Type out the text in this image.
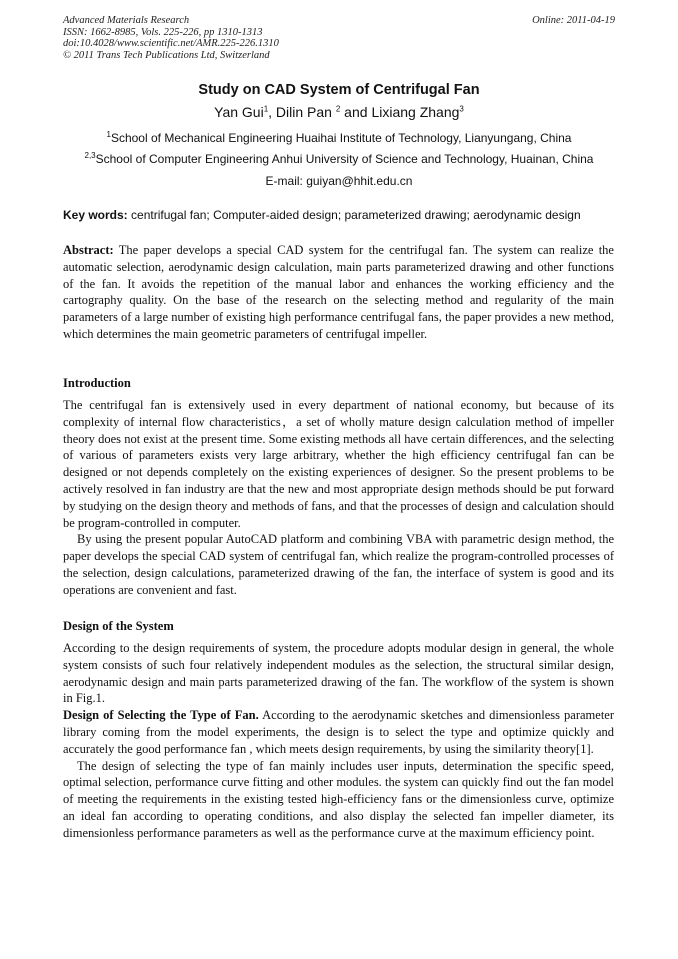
Advanced Materials Research
ISSN: 1662-8985, Vols. 225-226, pp 1310-1313
doi:10.4028/www.scientific.net/AMR.225-226.1310
© 2011 Trans Tech Publications Ltd, Switzerland
Online: 2011-04-19
Study on CAD System of Centrifugal Fan
Yan Gui$^1$, Dilin Pan $^2$ and Lixiang Zhang$^3$
$^1$School of Mechanical Engineering Huaihai Institute of Technology, Lianyungang, China
$^{2,3}$School of Computer Engineering Anhui University of Science and Technology, Huainan, China
E-mail: guiyan@hhit.edu.cn
Key words: centrifugal fan; Computer-aided design; parameterized drawing; aerodynamic design

Abstract: The paper develops a special CAD system for the centrifugal fan. The system can realize the automatic selection, aerodynamic design calculation, main parts parameterized drawing and other functions of the fan. It avoids the repetition of the manual labor and enhances the working efficiency and the cartography quality. On the base of the research on the selecting method and regularity of the main parameters of a large number of existing high performance centrifugal fans, the paper provides a new method, which determines the main geometric parameters of centrifugal impeller.

Introduction

The centrifugal fan is extensively used in every department of national economy, but because of its complexity of internal flow characteristics，a set of wholly mature design calculation method of impeller theory does not exist at the present time. Some existing methods all have certain differences, and the selecting of various of parameters exists very large arbitrary, whether the high efficiency centrifugal fan can be designed or not depends completely on the existing experiences of designer. So the present problems to be actively resolved in fan industry are that the new and most appropriate design methods should be put forward by studying on the design theory and methods of fans, and that the processes of design and calculation should be program-controlled in computer.

By using the present popular AutoCAD platform and combining VBA with parametric design method, the paper develops the special CAD system of centrifugal fan, which realize the program-controlled processes of the selection, design calculations, parameterized drawing of the fan, the interface of system is good and its operations are convenient and fast.

Design of the System

According to the design requirements of system, the procedure adopts modular design in general, the whole system consists of such four relatively independent modules as the selection, the structural similar design, aerodynamic design and main parts parameterized drawing of the fan. The workflow of the system is shown in Fig.1.

Design of Selecting the Type of Fan. According to the aerodynamic sketches and dimensionless parameter library coming from the model experiments, the design is to select the type and optimize quickly and accurately the good performance fan , which meets design requirements, by using the similarity theory[1].

The design of selecting the type of fan mainly includes user inputs, determination the specific speed, optimal selection, performance curve fitting and other modules. the system can quickly find out the fan model of meeting the requirements in the existing tested high-efficiency fans or the dimensionless curve, optimize an ideal fan according to operating conditions, and also display the selected fan impeller diameter, its dimensionless performance parameters as well as the performance curve at the maximum efficiency point.
